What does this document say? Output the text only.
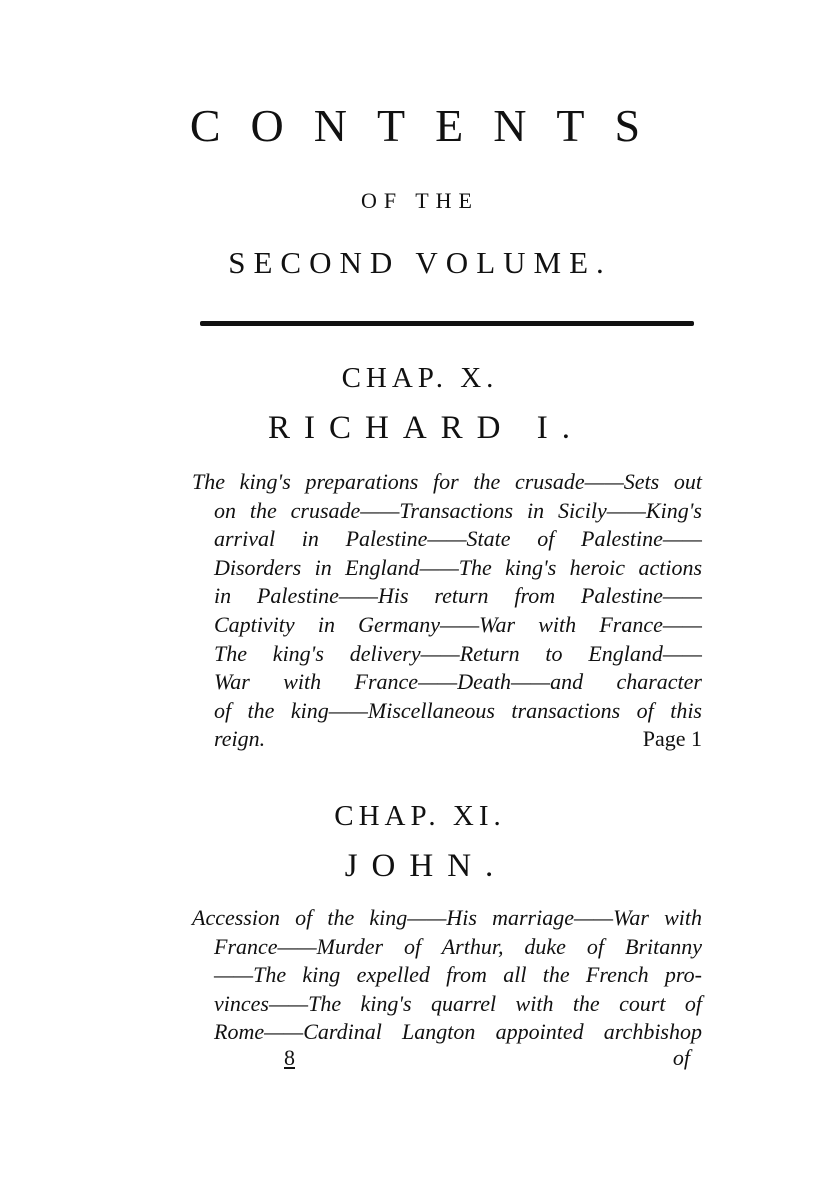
CONTENTS
OF THE
SECOND VOLUME.
CHAP. X.
RICHARD I.
The king's preparations for the crusade——Sets out
on the crusade——Transactions in Sicily——King's
arrival in Palestine——State of Palestine——
Disorders in England——The king's heroic actions
in Palestine——His return from Palestine——
Captivity in Germany——War with France——
The king's delivery——Return to England——
War with France——Death——and character
of the king——Miscellaneous transactions of this
reign.	Page 1
CHAP. XI.
JOHN.
Accession of the king——His marriage——War with
France——Murder of Arthur, duke of Britanny
——The king expelled from all the French pro-
vinces——The king's quarrel with the court of
Rome——Cardinal Langton appointed archbishop
8	of
